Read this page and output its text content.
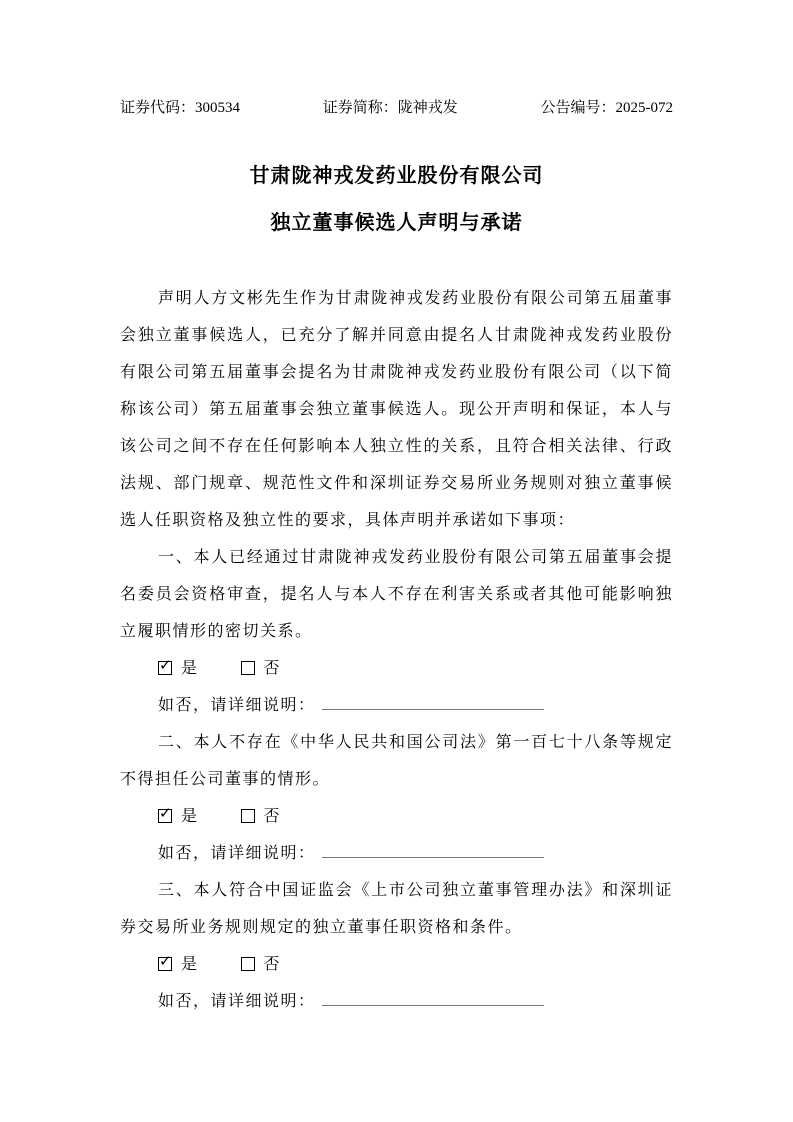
证券代码：300534	证券简称：陇神戎发	公告编号：2025-072
甘肃陇神戎发药业股份有限公司
独立董事候选人声明与承诺

声明人方文彬先生作为甘肃陇神戎发药业股份有限公司第五届董事会独立董事候选人，已充分了解并同意由提名人甘肃陇神戎发药业股份有限公司第五届董事会提名为甘肃陇神戎发药业股份有限公司（以下简称该公司）第五届董事会独立董事候选人。现公开声明和保证，本人与该公司之间不存在任何影响本人独立性的关系，且符合相关法律、行政法规、部门规章、规范性文件和深圳证券交易所业务规则对独立董事候选人任职资格及独立性的要求，具体声明并承诺如下事项：

一、本人已经通过甘肃陇神戎发药业股份有限公司第五届董事会提名委员会资格审查，提名人与本人不存在利害关系或者其他可能影响独立履职情形的密切关系。

✓ 是	否
如否，请详细说明：

二、本人不存在《中华人民共和国公司法》第一百七十八条等规定不得担任公司董事的情形。

✓ 是	否
如否，请详细说明：

三、本人符合中国证监会《上市公司独立董事管理办法》和深圳证券交易所业务规则规定的独立董事任职资格和条件。

✓ 是	否
如否，请详细说明：
